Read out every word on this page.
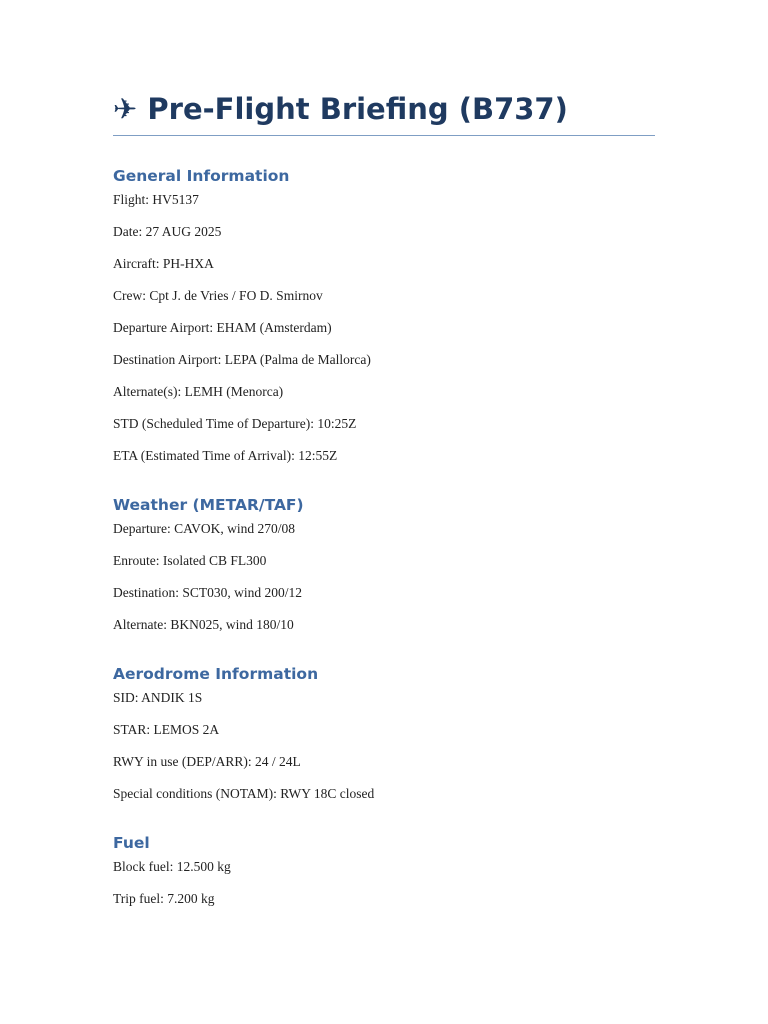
✈ Pre-Flight Briefing (B737)
General Information

Flight: HV5137

Date: 27 AUG 2025

Aircraft: PH-HXA

Crew: Cpt J. de Vries / FO D. Smirnov

Departure Airport: EHAM (Amsterdam)

Destination Airport: LEPA (Palma de Mallorca)

Alternate(s): LEMH (Menorca)

STD (Scheduled Time of Departure): 10:25Z

ETA (Estimated Time of Arrival): 12:55Z

Weather (METAR/TAF)

Departure: CAVOK, wind 270/08

Enroute: Isolated CB FL300

Destination: SCT030, wind 200/12

Alternate: BKN025, wind 180/10

Aerodrome Information

SID: ANDIK 1S

STAR: LEMOS 2A

RWY in use (DEP/ARR): 24 / 24L

Special conditions (NOTAM): RWY 18C closed

Fuel

Block fuel: 12.500 kg

Trip fuel: 7.200 kg
